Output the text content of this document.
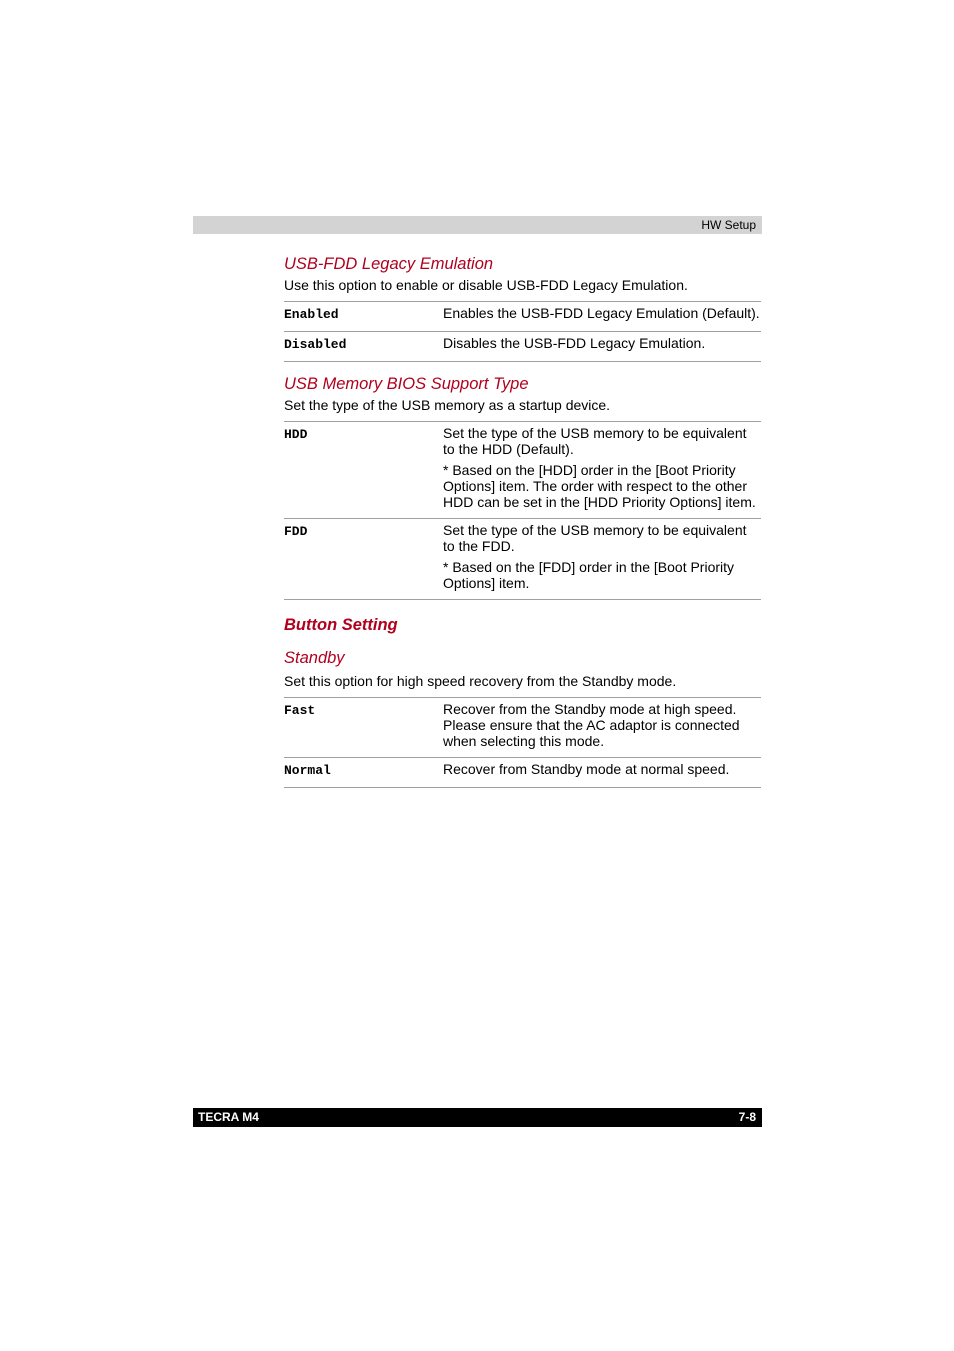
HW Setup
USB-FDD Legacy Emulation

Use this option to enable or disable USB-FDD Legacy Emulation.

Enabled	Enables the USB-FDD Legacy Emulation (Default).

Disabled	Disables the USB-FDD Legacy Emulation.

USB Memory BIOS Support Type

Set the type of the USB memory as a startup device.

HDD	Set the type of the USB memory to be equivalent to the HDD (Default).

* Based on the [HDD] order in the [Boot Priority Options] item. The order with respect to the other HDD can be set in the [HDD Priority Options] item.

FDD	Set the type of the USB memory to be equivalent to the FDD.

* Based on the [FDD] order in the [Boot Priority Options] item.

Button Setting
Standby

Set this option for high speed recovery from the Standby mode.

Fast	Recover from the Standby mode at high speed. Please ensure that the AC adaptor is connected when selecting this mode.

Normal	Recover from Standby mode at normal speed.

TECRA M4	7-8
